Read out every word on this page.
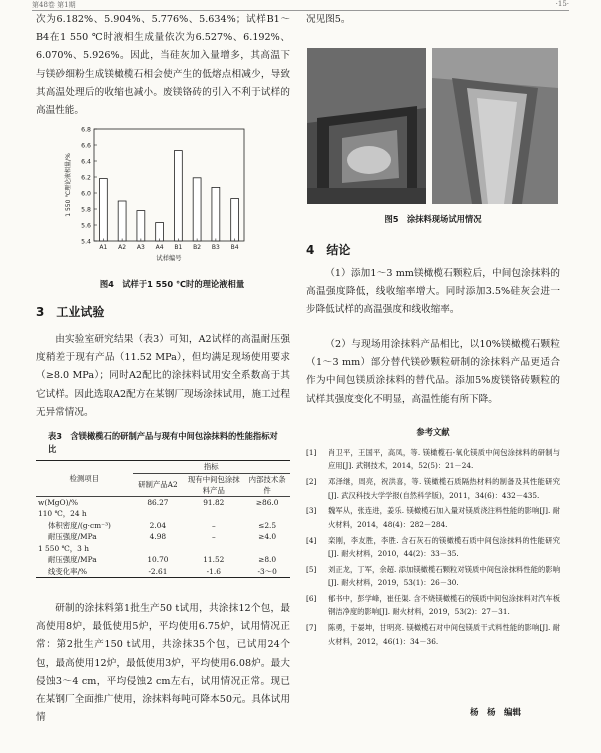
第48卷 第1期	·15·

次为6.182%、5.904%、5.776%、5.634%；试样B1～B4在1 550 ℃时液相生成量依次为6.527%、6.192%、6.070%、5.926%。因此，当硅灰加入量增多，其高温下与镁砂细粉生成镁橄榄石相会使产生的低熔点相减少，导致其高温处理后的收缩也减小。废镁铬砖的引入不利于试样的高温性能。

5.4
5.6
5.8
6.0
6.2
6.4
6.6
6.8
A1 A2 A3 A4 B1 B2 B3 B4
试样编号
1 550 ℃理论液相量/%
图4　试样于1 550 ℃时的理论液相量
3　工业试验

由实验室研究结果（表3）可知，A2试样的高温耐压强度稍差于现有产品（11.52 MPa），但均满足现场使用要求（≥8.0 MPa）；同时A2配比的涂抹料试用安全系数高于其它试样。因此选取A2配方在某钢厂现场涂抹试用，施工过程无异常情况。

表3　含镁橄榄石的研制产品与现有中间包涂抹料的性能指标对比
检测项目	指标		
	研制产品A2	现有中间包涂抹料产品	内部技术条件
w(MgO)/%	86.27	91.82	≥86.0
110 ℃，24 h			
体积密度/(g·cm⁻³)	2.04	–	≤2.5
耐压强度/MPa	4.98	–	≥4.0
1 550 ℃，3 h			
耐压强度/MPa	10.70	11.52	≥8.0
线变化率/%	-2.61	-1.6	-3～0

研制的涂抹料第1批生产50 t试用，共涂抹12个包，最高使用8炉，最低使用5炉，平均使用6.75炉，试用情况正常：第2批生产150 t试用，共涂抹35个包，已试用24个包，最高使用12炉，最低使用3炉，平均使用6.08炉。最大侵蚀3～4 cm，平均侵蚀2 cm左右，试用情况正常。现已在某钢厂全面推广使用，涂抹料每吨可降本50元。具体试用情

况见图5。

图5　涂抹料现场试用情况
4　结论

（1）添加1～3 mm镁橄榄石颗粒后，中间包涂抹料的高温强度降低，线收缩率增大。同时添加3.5%硅灰会进一步降低试样的高温强度和线收缩率。

（2）与现场用涂抹料产品相比，以10%镁橄榄石颗粒（1～3 mm）部分替代镁砂颗粒研制的涂抹料产品更适合作为中间包镁质涂抹料的替代品。添加5%废镁铬砖颗粒的试样其强度变化不明显，高温性能有所下降。

参考文献
[1]	肖卫平，王国平，高凤，等. 镁橄榄石-氧化镁质中间包涂抹料的研制与应用[J]. 武钢技术，2014，52(5)：21－24.
[2]	邓泽继，周亮，祝洪喜，等. 镁橄榄石质隔热材料的制备及其性能研究[J]. 武汉科技大学学报(自然科学版)，2011，34(6)：432－435.
[3]	魏军从，张连进，姜乐. 镁橄榄石加入量对镁质浇注料性能的影响[J]. 耐火材料，2014，48(4)：282－284.
[4]	栾刚，李友胜，李胜. 含石灰石的镁橄榄石质中间包涂抹料的性能研究[J]. 耐火材料，2010，44(2)：33－35.
[5]	刘正龙，丁军，余超. 添加镁橄榄石颗粒对镁质中间包涂抹料性能的影响[J]. 耐火材料，2019，53(1)：26－30.
[6]	郁书中，彭学峰，崔任渠. 含不烧镁橄榄石的镁质中间包涂抹料对汽车板钢洁净度的影响[J]. 耐火材料，2019，53(2)：27－31.
[7]	陈勇，于晏坤，甘明亮. 镁橄榄石对中间包镁质干式料性能的影响[J]. 耐火材料，2012，46(1)：34－36.
杨　杨　编辑
